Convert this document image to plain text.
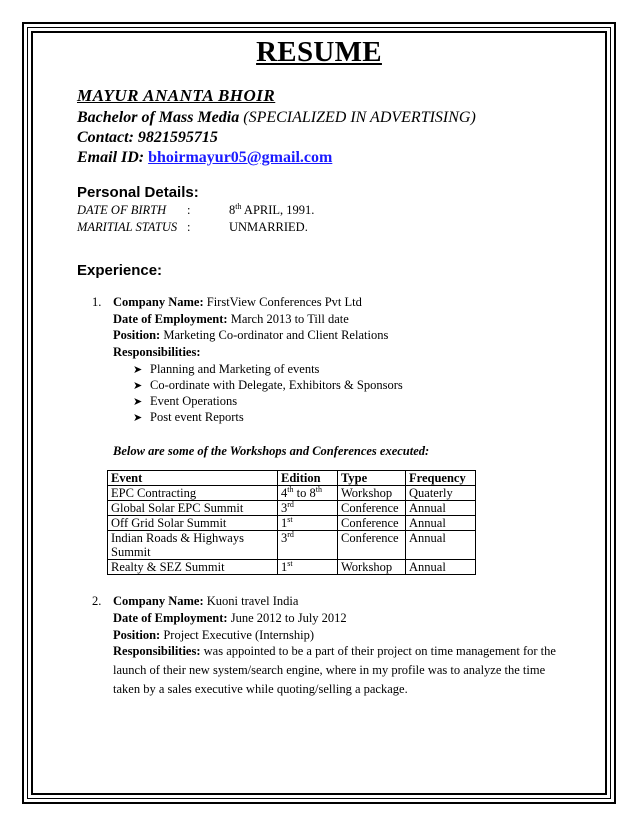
RESUME
MAYUR ANANTA BHOIR
Bachelor of Mass Media (SPECIALIZED IN ADVERTISING)
Contact: 9821595715
Email ID: bhoirmayur05@gmail.com
Personal Details:
DATE OF BIRTH :	8th APRIL, 1991.
MARITIAL STATUS :	UNMARRIED.
Experience:
1. Company Name: FirstView Conferences Pvt Ltd
Date of Employment: March 2013 to Till date
Position: Marketing Co-ordinator and Client Relations
Responsibilities:
➤ Planning and Marketing of events
➤ Co-ordinate with Delegate, Exhibitors & Sponsors
➤ Event Operations
➤ Post event Reports
Below are some of the Workshops and Conferences executed:
Event	Edition	Type	Frequency
EPC Contracting	4th to 8th	Workshop	Quaterly
Global Solar EPC Summit	3rd	Conference	Annual
Off Grid Solar Summit	1st	Conference	Annual
Indian Roads & Highways Summit	3rd	Conference	Annual
Realty & SEZ Summit	1st	Workshop	Annual
2. Company Name: Kuoni travel India
Date of Employment: June 2012 to July 2012
Position: Project Executive (Internship)
Responsibilities: was appointed to be a part of their project on time management for the launch of their new system/search engine, where in my profile was to analyze the time taken by a sales executive while quoting/selling a package.
